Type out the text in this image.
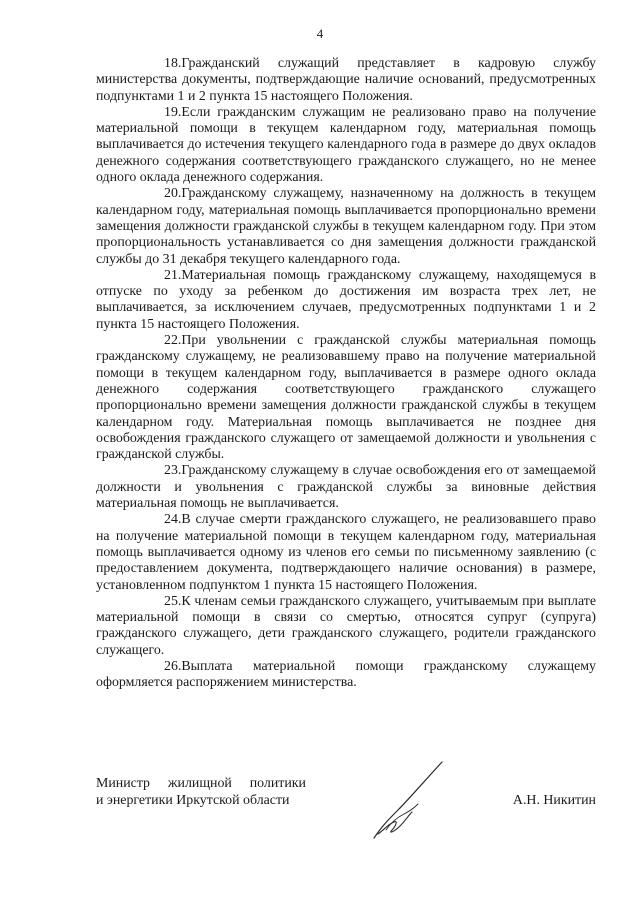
4

18.Гражданский служащий представляет в кадровую службу министерства документы, подтверждающие наличие оснований, предусмотренных подпунктами 1 и 2 пункта 15 настоящего Положения.

19.Если гражданским служащим не реализовано право на получение материальной помощи в текущем календарном году, материальная помощь выплачивается до истечения текущего календарного года в размере до двух окладов денежного содержания соответствующего гражданского служащего, но не менее одного оклада денежного содержания.

20.Гражданскому служащему, назначенному на должность в текущем календарном году, материальная помощь выплачивается пропорционально времени замещения должности гражданской службы в текущем календарном году. При этом пропорциональность устанавливается со дня замещения должности гражданской службы до 31 декабря текущего календарного года.

21.Материальная помощь гражданскому служащему, находящемуся в отпуске по уходу за ребенком до достижения им возраста трех лет, не выплачивается, за исключением случаев, предусмотренных подпунктами 1 и 2 пункта 15 настоящего Положения.

22.При увольнении с гражданской службы материальная помощь гражданскому служащему, не реализовавшему право на получение материальной помощи в текущем календарном году, выплачивается в размере одного оклада денежного содержания соответствующего гражданского служащего пропорционально времени замещения должности гражданской службы в текущем календарном году. Материальная помощь выплачивается не позднее дня освобождения гражданского служащего от замещаемой должности и увольнения с гражданской службы.

23.Гражданскому служащему в случае освобождения его от замещаемой должности и увольнения с гражданской службы за виновные действия материальная помощь не выплачивается.

24.В случае смерти гражданского служащего, не реализовавшего право на получение материальной помощи в текущем календарном году, материальная помощь выплачивается одному из членов его семьи по письменному заявлению (с предоставлением документа, подтверждающего наличие основания) в размере, установленном подпунктом 1 пункта 15 настоящего Положения.

25.К членам семьи гражданского служащего, учитываемым при выплате материальной помощи в связи со смертью, относятся супруг (супруга) гражданского служащего, дети гражданского служащего, родители гражданского служащего.

26.Выплата материальной помощи гражданскому служащему оформляется распоряжением министерства.

Министр жилищной политики
и энергетики Иркутской области	А.Н. Никитин
